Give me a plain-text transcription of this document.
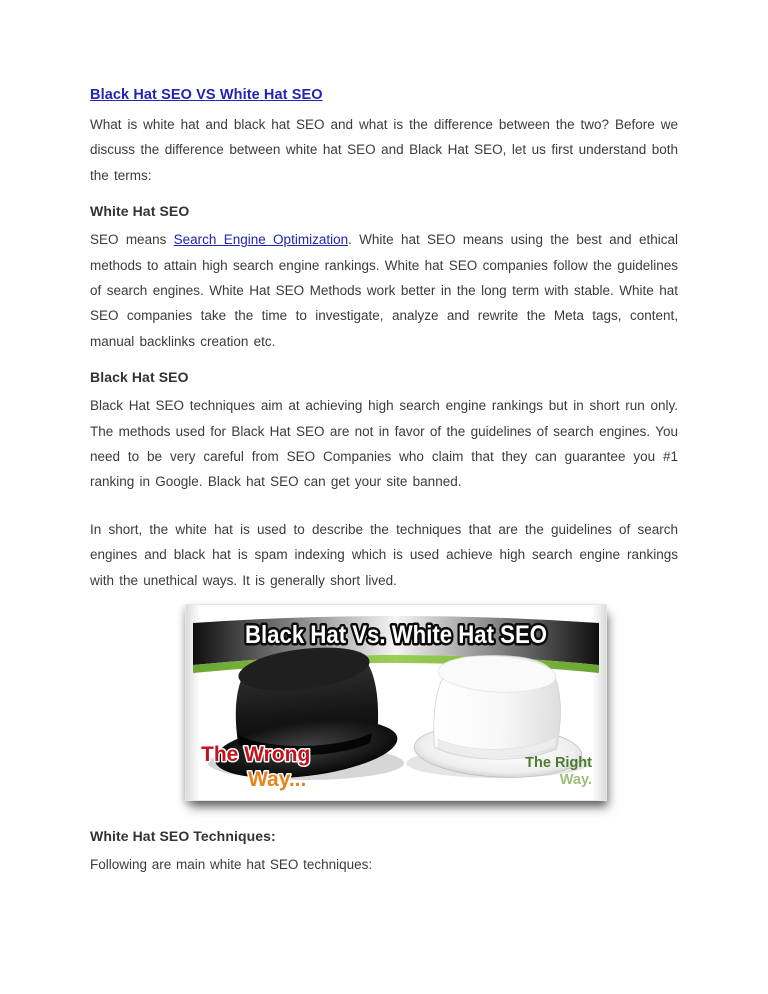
Black Hat SEO VS White Hat SEO

What is white hat and black hat SEO and what is the difference between the two? Before we discuss the difference between white hat SEO and Black Hat SEO, let us first understand both the terms:

White Hat SEO

SEO means Search Engine Optimization. White hat SEO means using the best and ethical methods to attain high search engine rankings. White hat SEO companies follow the guidelines of search engines. White Hat SEO Methods work better in the long term with stable. White hat SEO companies take the time to investigate, analyze and rewrite the Meta tags, content, manual backlinks creation etc.

Black Hat SEO

Black Hat SEO techniques aim at achieving high search engine rankings but in short run only. The methods used for Black Hat SEO are not in favor of the guidelines of search engines. You need to be very careful from SEO Companies who claim that they can guarantee you #1 ranking in Google. Black hat SEO can get your site banned.

In short, the white hat is used to describe the techniques that are the guidelines of search engines and black hat is spam indexing which is used achieve high search engine rankings with the unethical ways. It is generally short lived.

Black Hat Vs. White Hat SEO
The Wrong
Way...
The Right
Way.
White Hat SEO Techniques:

Following are main white hat SEO techniques:
